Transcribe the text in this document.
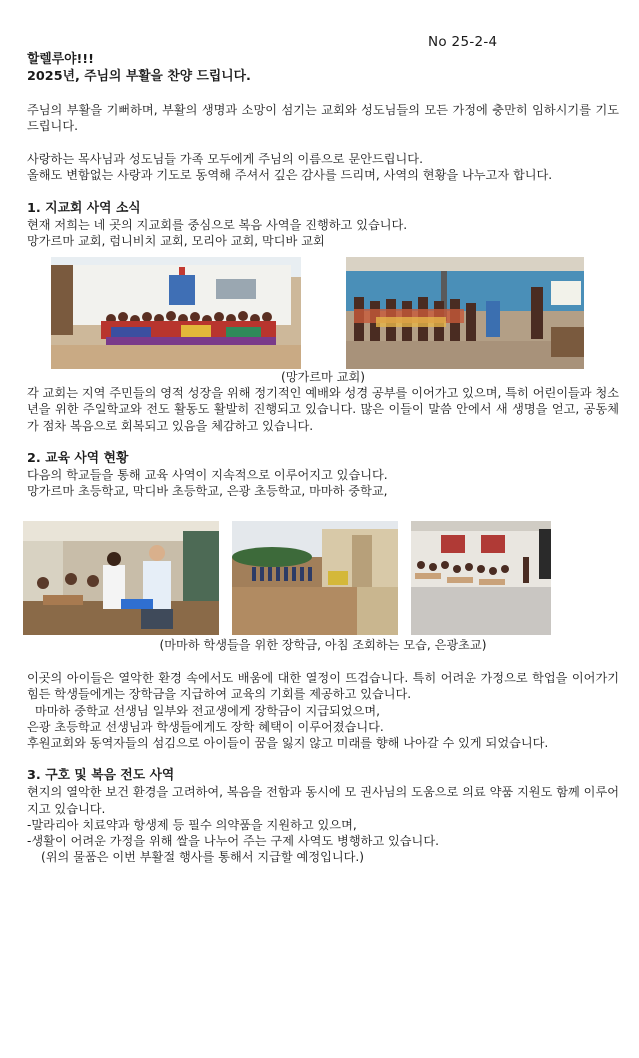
No 25-2-4
할렐루야!!!
2025년, 주님의 부활을 찬양 드립니다.
주님의 부활을 기뻐하며, 부활의 생명과 소망이 섬기는 교회와 성도님들의 모든 가정에 충만히 임하시기를 기도드립니다.
사랑하는 목사님과 성도님들 가족 모두에게 주님의 이름으로 문안드립니다.
올해도 변함없는 사랑과 기도로 동역해 주셔서 깊은 감사를 드리며, 사역의 현황을 나누고자 합니다.
1. 지교회 사역 소식
현재 저희는 네 곳의 지교회를 중심으로 복음 사역을 진행하고 있습니다.
망가르마 교회, 럼니비치 교회, 모리아 교회, 막디바 교회
(망가르마 교회)
각 교회는 지역 주민들의 영적 성장을 위해 정기적인 예배와 성경 공부를 이어가고 있으며, 특히 어린이들과 청소년을 위한 주일학교와 전도 활동도 활발히 진행되고 있습니다. 많은 이들이 말씀 안에서 새 생명을 얻고, 공동체가 점차 복음으로 회복되고 있음을 체감하고 있습니다.
2. 교육 사역 현황
다음의 학교들을 통해 교육 사역이 지속적으로 이루어지고 있습니다.
망가르마 초등학교, 막디바 초등학교, 은광 초등학교, 마마하 중학교,
(마마하 학생들을 위한 장학금, 아침 조회하는 모습, 은광초교)
이곳의 아이들은 열악한 환경 속에서도 배움에 대한 열정이 뜨겁습니다. 특히 어려운 가정으로 학업을 이어가기 힘든 학생들에게는 장학금을 지급하여 교육의 기회를 제공하고 있습니다.
마마하 중학교 선생님 일부와 전교생에게 장학금이 지급되었으며,
은광 초등학교 선생님과 학생들에게도 장학 혜택이 이루어졌습니다.
후원교회와 동역자들의 섬김으로 아이들이 꿈을 잃지 않고 미래를 향해 나아갈 수 있게 되었습니다.
3. 구호 및 복음 전도 사역
현지의 열악한 보건 환경을 고려하여, 복음을 전함과 동시에 모 권사님의 도움으로 의료 약품 지원도 함께 이루어지고 있습니다.
-말라리아 치료약과 항생제 등 필수 의약품을 지원하고 있으며,
-생활이 어려운 가정을 위해 쌀을 나누어 주는 구제 사역도 병행하고 있습니다.
(위의 물품은 이번 부활절 행사를 통해서 지급할 예정입니다.)
